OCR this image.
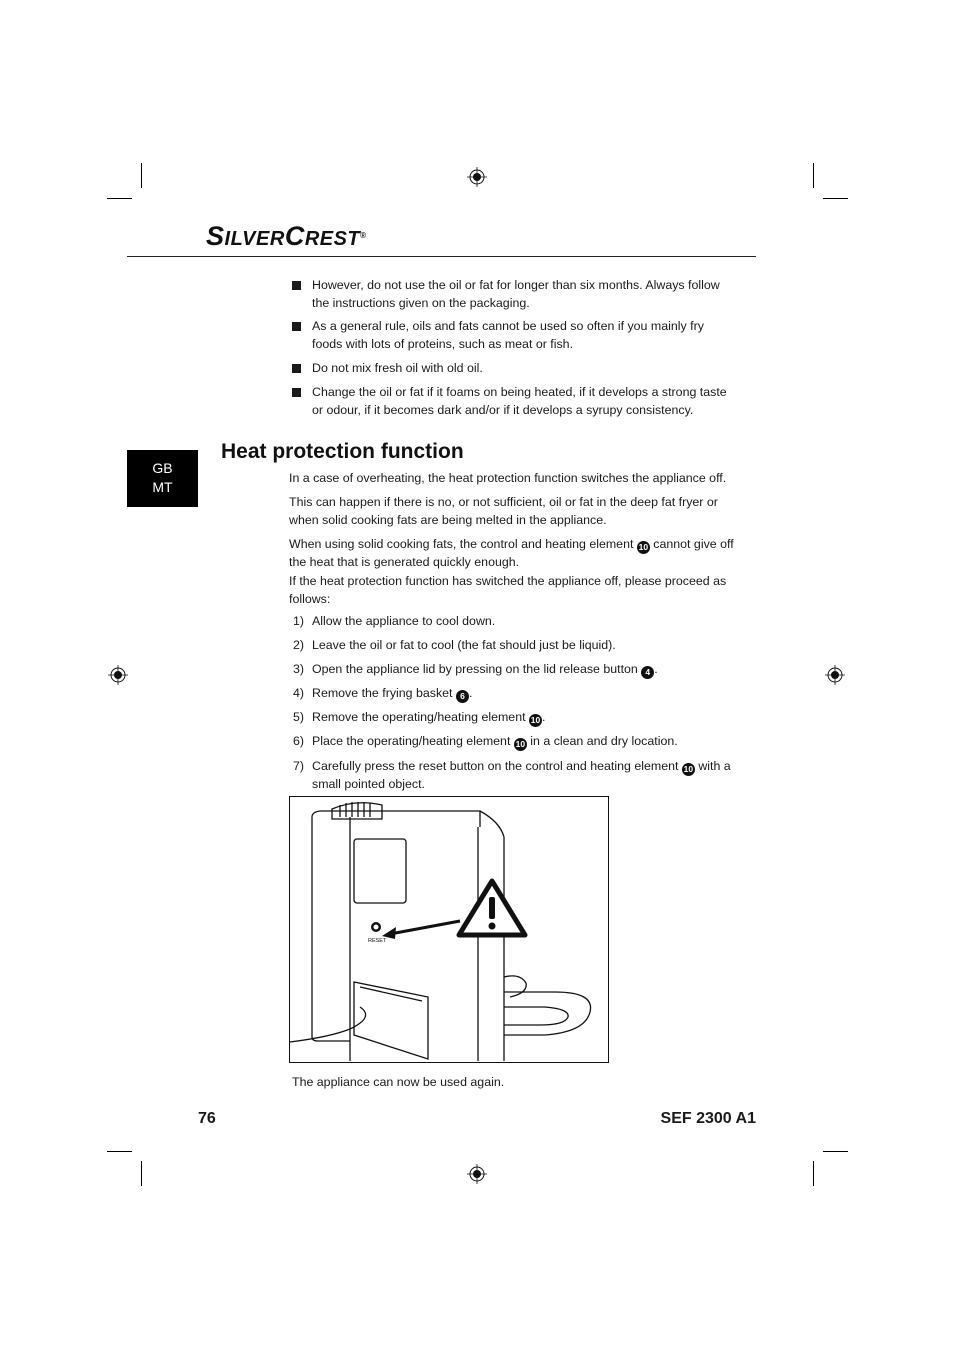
SILVERCREST®
However, do not use the oil or fat for longer than six months. Always follow the instructions given on the packaging.
As a general rule, oils and fats cannot be used so often if you mainly fry foods with lots of proteins, such as meat or fish.
Do not mix fresh oil with old oil.
Change the oil or fat if it foams on being heated, if it develops a strong taste or odour, if it becomes dark and/or if it develops a syrupy consistency.
GB
MT
Heat protection function
In a case of overheating, the heat protection function switches the appliance off.
This can happen if there is no, or not sufficient, oil or fat in the deep fat fryer or when solid cooking fats are being melted in the appliance.
When using solid cooking fats, the control and heating element 10 cannot give off the heat that is generated quickly enough.
If the heat protection function has switched the appliance off, please proceed as follows:
1) Allow the appliance to cool down.
2) Leave the oil or fat to cool (the fat should just be liquid).
3) Open the appliance lid by pressing on the lid release button 4 .
4) Remove the frying basket 6 .
5) Remove the operating/heating element 10 .
6) Place the operating/heating element 10 in a clean and dry location.
7) Carefully press the reset button on the control and heating element 10 with a small pointed object.
RESET
The appliance can now be used again.
76	SEF 2300 A1
